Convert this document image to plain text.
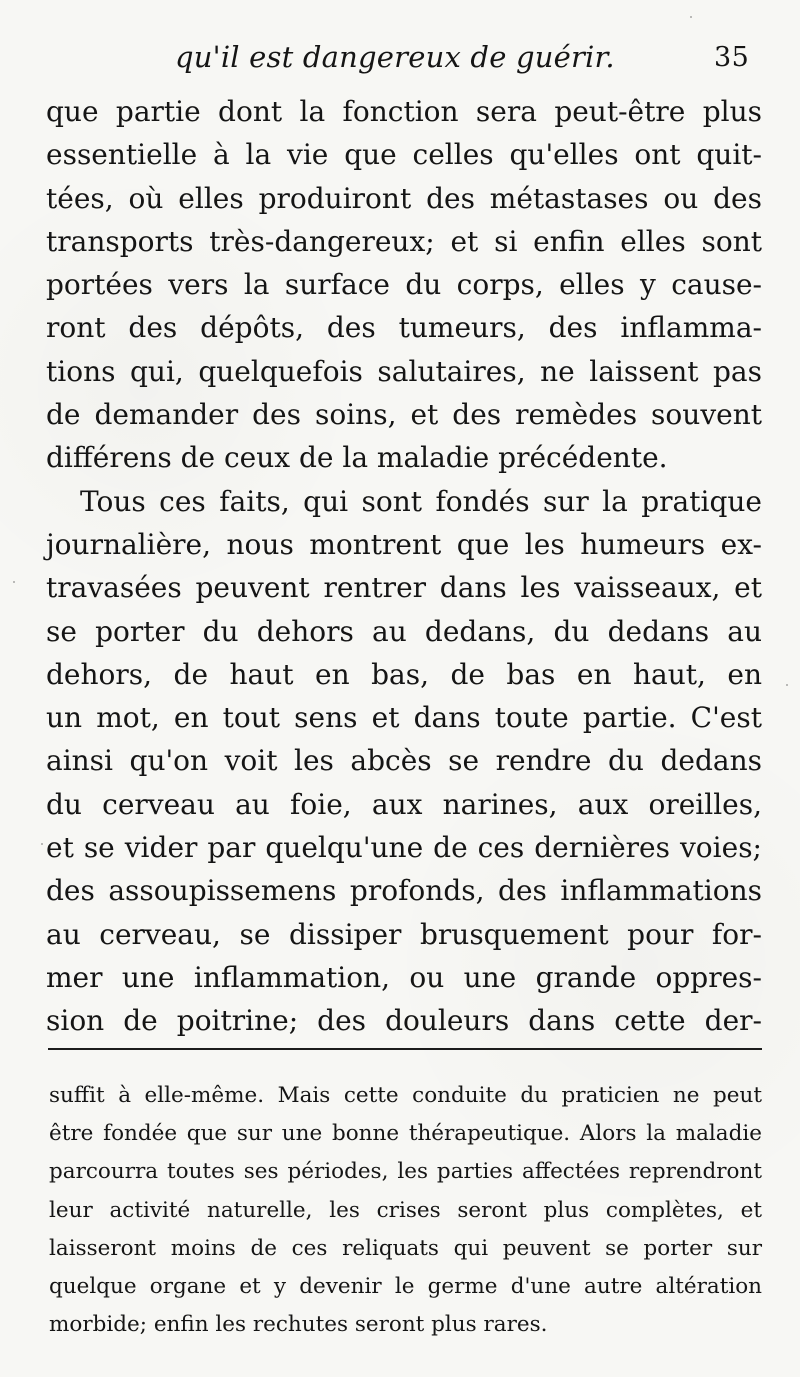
qu'il est dangereux de guérir.	35
que partie dont la fonction sera peut-être plus
essentielle à la vie que celles qu'elles ont quit-
tées, où elles produiront des métastases ou des
transports très-dangereux; et si enfin elles sont
portées vers la surface du corps, elles y cause-
ront des dépôts, des tumeurs, des inflamma-
tions qui, quelquefois salutaires, ne laissent pas
de demander des soins, et des remèdes souvent
différens de ceux de la maladie précédente.
Tous ces faits, qui sont fondés sur la pratique
journalière, nous montrent que les humeurs ex-
travasées peuvent rentrer dans les vaisseaux, et
se porter du dehors au dedans, du dedans au
dehors, de haut en bas, de bas en haut, en
un mot, en tout sens et dans toute partie. C'est
ainsi qu'on voit les abcès se rendre du dedans
du cerveau au foie, aux narines, aux oreilles,
et se vider par quelqu'une de ces dernières voies;
des assoupissemens profonds, des inflammations
au cerveau, se dissiper brusquement pour for-
mer une inflammation, ou une grande oppres-
sion de poitrine; des douleurs dans cette der-
suffit à elle-même. Mais cette conduite du praticien ne peut
être fondée que sur une bonne thérapeutique. Alors la maladie
parcourra toutes ses périodes, les parties affectées reprendront
leur activité naturelle, les crises seront plus complètes, et
laisseront moins de ces reliquats qui peuvent se porter sur
quelque organe et y devenir le germe d'une autre altération
morbide; enfin les rechutes seront plus rares.
